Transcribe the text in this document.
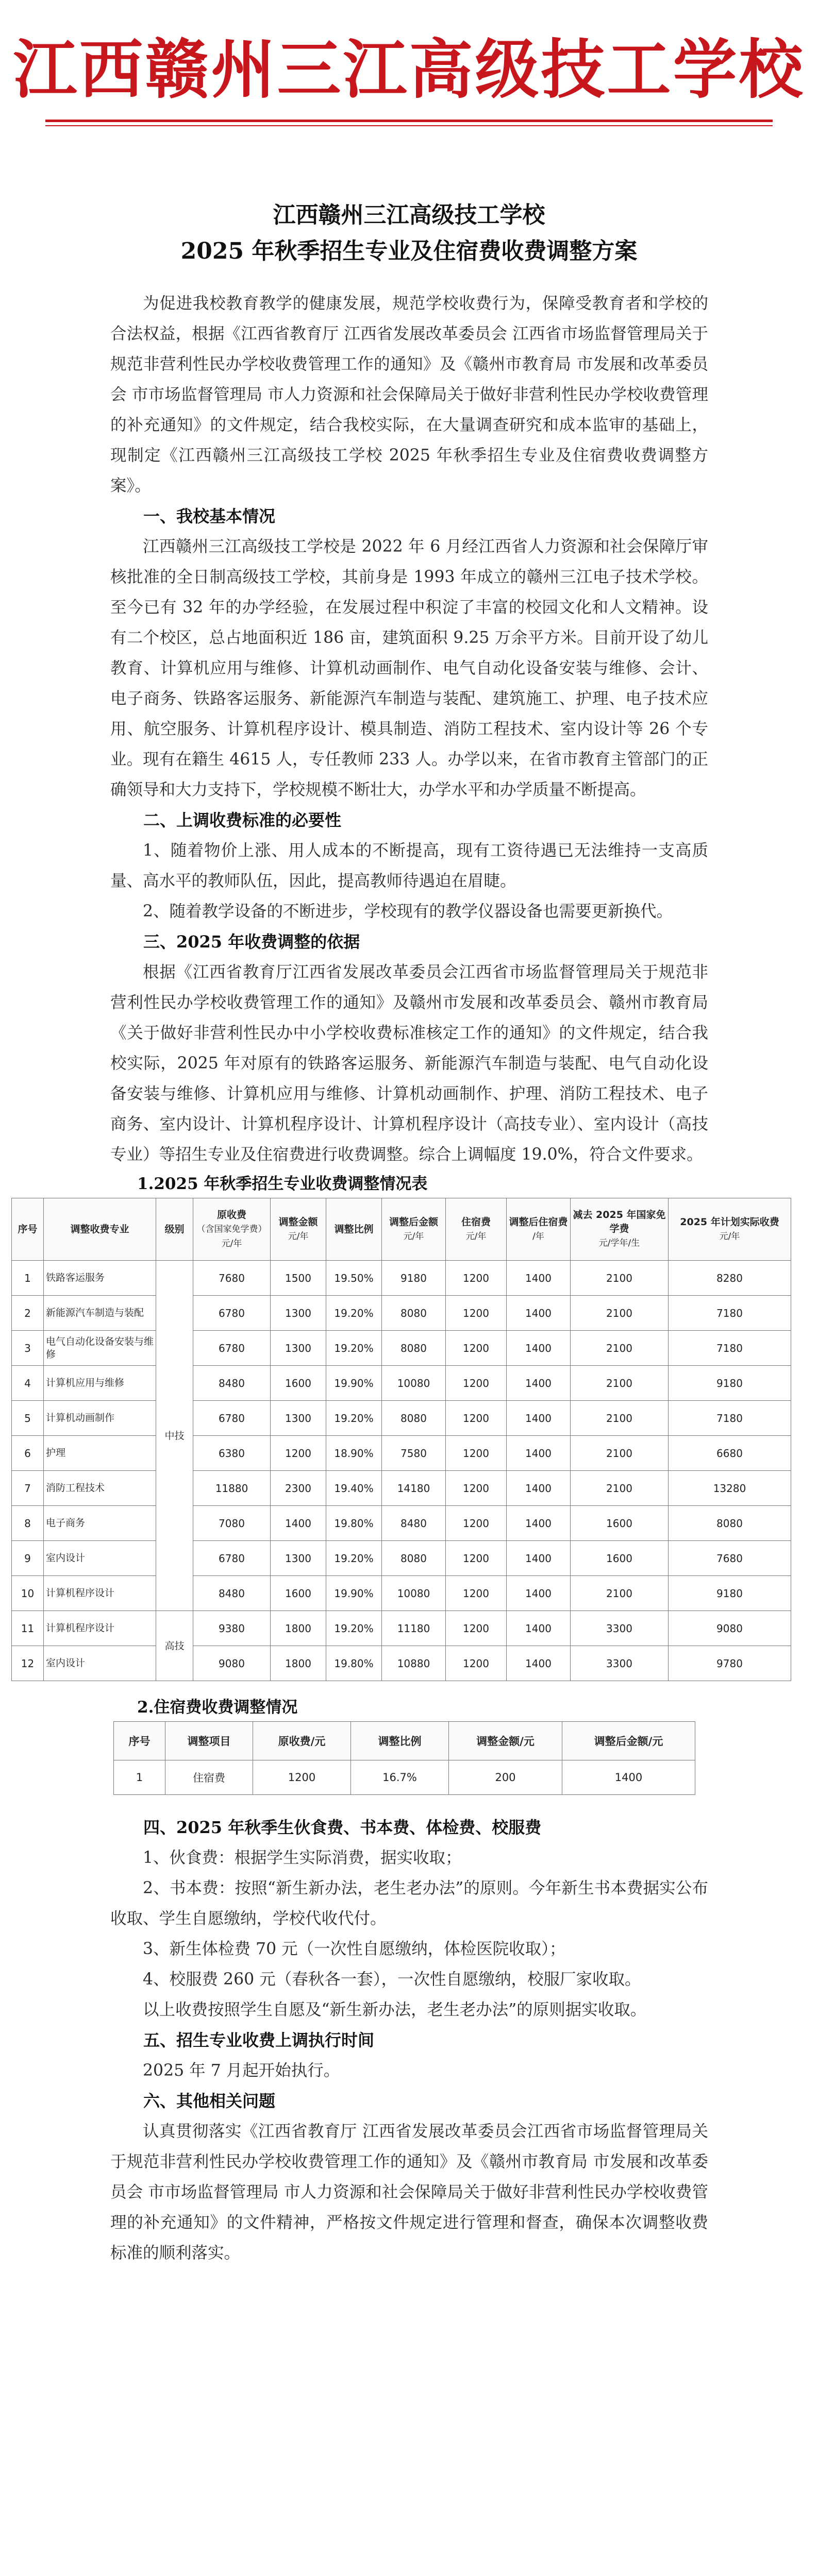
江西赣州三江高级技工学校
江西赣州三江高级技工学校
2025 年秋季招生专业及住宿费收费调整方案

为促进我校教育教学的健康发展，规范学校收费行为，保障受教育者和学校的合法权益，根据《江西省教育厅 江西省发展改革委员会 江西省市场监督管理局关于规范非营利性民办学校收费管理工作的通知》及《赣州市教育局 市发展和改革委员会 市市场监督管理局 市人力资源和社会保障局关于做好非营利性民办学校收费管理的补充通知》的文件规定，结合我校实际，在大量调查研究和成本监审的基础上，现制定《江西赣州三江高级技工学校 2025 年秋季招生专业及住宿费收费调整方案》。

一、我校基本情况

江西赣州三江高级技工学校是 2022 年 6 月经江西省人力资源和社会保障厅审核批准的全日制高级技工学校，其前身是 1993 年成立的赣州三江电子技术学校。至今已有 32 年的办学经验，在发展过程中积淀了丰富的校园文化和人文精神。设有二个校区，总占地面积近 186 亩，建筑面积 9.25 万余平方米。目前开设了幼儿教育、计算机应用与维修、计算机动画制作、电气自动化设备安装与维修、会计、电子商务、铁路客运服务、新能源汽车制造与装配、建筑施工、护理、电子技术应用、航空服务、计算机程序设计、模具制造、消防工程技术、室内设计等 26 个专业。现有在籍生 4615 人，专任教师 233 人。办学以来，在省市教育主管部门的正确领导和大力支持下，学校规模不断壮大，办学水平和办学质量不断提高。

二、上调收费标准的必要性

1、随着物价上涨、用人成本的不断提高，现有工资待遇已无法维持一支高质量、高水平的教师队伍，因此，提高教师待遇迫在眉睫。

2、随着教学设备的不断进步，学校现有的教学仪器设备也需要更新换代。

三、2025 年收费调整的依据

根据《江西省教育厅江西省发展改革委员会江西省市场监督管理局关于规范非营利性民办学校收费管理工作的通知》及赣州市发展和改革委员会、赣州市教育局《关于做好非营利性民办中小学校收费标准核定工作的通知》的文件规定，结合我校实际，2025 年对原有的铁路客运服务、新能源汽车制造与装配、电气自动化设备安装与维修、计算机应用与维修、计算机动画制作、护理、消防工程技术、电子商务、室内设计、计算机程序设计、计算机程序设计（高技专业）、室内设计（高技专业）等招生专业及住宿费进行收费调整。综合上调幅度 19.0%，符合文件要求。

1.2025 年秋季招生专业收费调整情况表

序号	调整收费专业	级别	原收费
（含国家免学费）
元/年	调整金额
元/年	调整比例	调整后金额
元/年	住宿费
元/年	调整后住宿费
/年	减去 2025 年国家免学费
元/学年/生	2025 年计划实际收费
元/年
1	铁路客运服务	中技	7680	1500	19.50%	9180	1200	1400	2100	8280
2	新能源汽车制造与装配		6780	1300	19.20%	8080	1200	1400	2100	7180
3	电气自动化设备安装与维修		6780	1300	19.20%	8080	1200	1400	2100	7180
4	计算机应用与维修		8480	1600	19.90%	10080	1200	1400	2100	9180
5	计算机动画制作		6780	1300	19.20%	8080	1200	1400	2100	7180
6	护理		6380	1200	18.90%	7580	1200	1400	2100	6680
7	消防工程技术		11880	2300	19.40%	14180	1200	1400	2100	13280
8	电子商务		7080	1400	19.80%	8480	1200	1400	1600	8080
9	室内设计		6780	1300	19.20%	8080	1200	1400	1600	7680
10	计算机程序设计		8480	1600	19.90%	10080	1200	1400	2100	9180
11	计算机程序设计	高技	9380	1800	19.20%	11180	1200	1400	3300	9080
12	室内设计		9080	1800	19.80%	10880	1200	1400	3300	9780

2.住宿费收费调整情况

序号	调整项目	原收费/元	调整比例	调整金额/元	调整后金额/元
1	住宿费	1200	16.7%	200	1400

四、2025 年秋季生伙食费、书本费、体检费、校服费

1、伙食费：根据学生实际消费，据实收取；

2、书本费：按照“新生新办法，老生老办法”的原则。今年新生书本费据实公布收取、学生自愿缴纳，学校代收代付。

3、新生体检费 70 元（一次性自愿缴纳，体检医院收取）；

4、校服费 260 元（春秋各一套），一次性自愿缴纳，校服厂家收取。

以上收费按照学生自愿及“新生新办法，老生老办法”的原则据实收取。

五、招生专业收费上调执行时间

2025 年 7 月起开始执行。

六、其他相关问题

认真贯彻落实《江西省教育厅 江西省发展改革委员会江西省市场监督管理局关于规范非营利性民办学校收费管理工作的通知》及《赣州市教育局 市发展和改革委员会 市市场监督管理局 市人力资源和社会保障局关于做好非营利性民办学校收费管理的补充通知》的文件精神，严格按文件规定进行管理和督查，确保本次调整收费标准的顺利落实。
